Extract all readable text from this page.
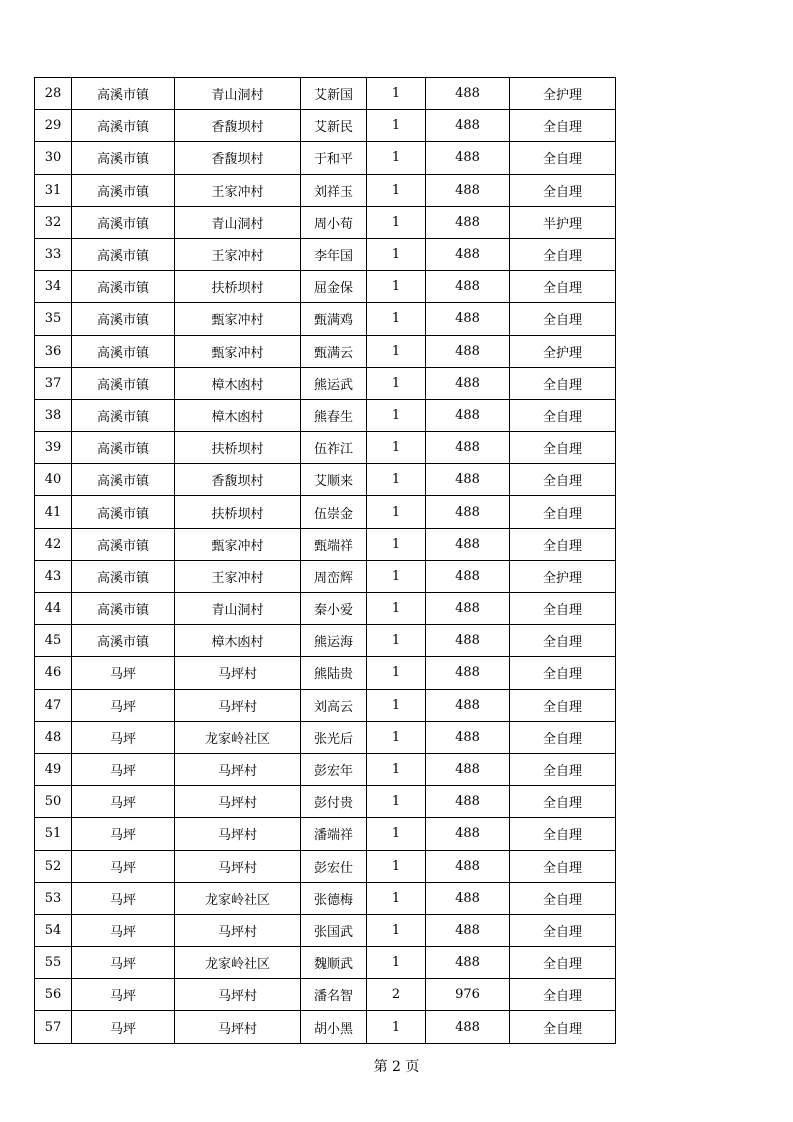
28	高溪市镇	青山洞村	艾新国	1	488	全护理
29	高溪市镇	香馥坝村	艾新民	1	488	全自理
30	高溪市镇	香馥坝村	于和平	1	488	全自理
31	高溪市镇	王家冲村	刘祥玉	1	488	全自理
32	高溪市镇	青山洞村	周小荀	1	488	半护理
33	高溪市镇	王家冲村	李年国	1	488	全自理
34	高溪市镇	扶桥坝村	屈金保	1	488	全自理
35	高溪市镇	甄家冲村	甄满鸡	1	488	全自理
36	高溪市镇	甄家冲村	甄满云	1	488	全护理
37	高溪市镇	樟木凼村	熊运武	1	488	全自理
38	高溪市镇	樟木凼村	熊春生	1	488	全自理
39	高溪市镇	扶桥坝村	伍祚江	1	488	全自理
40	高溪市镇	香馥坝村	艾顺来	1	488	全自理
41	高溪市镇	扶桥坝村	伍崇金	1	488	全自理
42	高溪市镇	甄家冲村	甄端祥	1	488	全自理
43	高溪市镇	王家冲村	周峦辉	1	488	全护理
44	高溪市镇	青山洞村	秦小爱	1	488	全自理
45	高溪市镇	樟木凼村	熊运海	1	488	全自理
46	马坪	马坪村	熊陆贵	1	488	全自理
47	马坪	马坪村	刘高云	1	488	全自理
48	马坪	龙家岭社区	张光后	1	488	全自理
49	马坪	马坪村	彭宏年	1	488	全自理
50	马坪	马坪村	彭付贵	1	488	全自理
51	马坪	马坪村	潘端祥	1	488	全自理
52	马坪	马坪村	彭宏仕	1	488	全自理
53	马坪	龙家岭社区	张德梅	1	488	全自理
54	马坪	马坪村	张国武	1	488	全自理
55	马坪	龙家岭社区	魏顺武	1	488	全自理
56	马坪	马坪村	潘名智	2	976	全自理
57	马坪	马坪村	胡小黑	1	488	全自理
第 2 页
